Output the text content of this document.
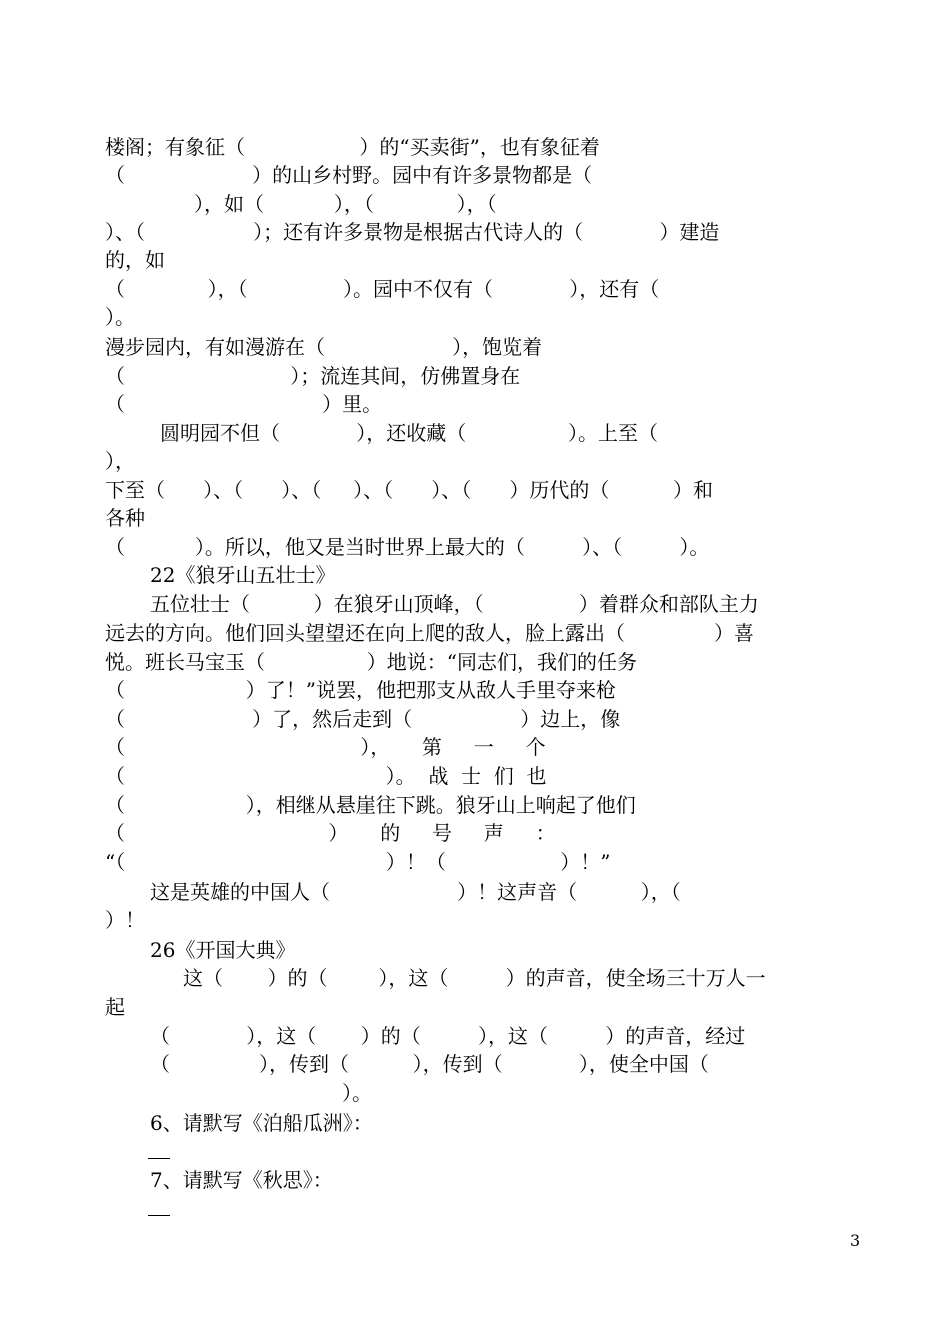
楼阁；有象征（                  ）的“买卖街”，也有象征着
（                    ）的山乡村野。园中有许多景物都是（
），如（           ），（             ），（
）、（                 ）；还有许多景物是根据古代诗人的（            ）建造
的，如
（             ），（               ）。园中不仅有（            ），还有（
）。
漫步园内，有如漫游在（                    ），饱览着
（                          ）；流连其间，仿佛置身在
（                               ）里。
圆明园不但（            ），还收藏（                ）。上至（
），
下至（      ）、（      ）、（     ）、（      ）、（      ）历代的（          ）和
各种
（           ）。所以，他又是当时世界上最大的（         ）、（         ）。
22《狼牙山五壮士》
五位壮士（          ）在狼牙山顶峰，（               ）着群众和部队主力
远去的方向。他们回头望望还在向上爬的敌人，脸上露出（              ）喜
悦。班长马宝玉（                ）地说：“同志们，我们的任务
（                   ）了！”说罢，他把那支从敌人手里夺来枪
（                    ）了，然后走到（                 ）边上，像
（                                     ），     第     一     个
（                                         ）。  战  士  们  也
（                   ），相继从悬崖往下跳。狼牙山上响起了他们
（                                ）     的     号     声     ：
“（                                         ）！（                  ）！”
这是英雄的中国人（                    ）！这声音（          ），（
）！
26《开国大典》
这（       ）的（        ），这（         ）的声音，使全场三十万人一
起
（            ），这（       ）的（         ），这（         ）的声音，经过
（              ），传到（          ），传到（            ），使全中国（
）。
6、请默写《泊船瓜洲》：
7、请默写《秋思》：
3
